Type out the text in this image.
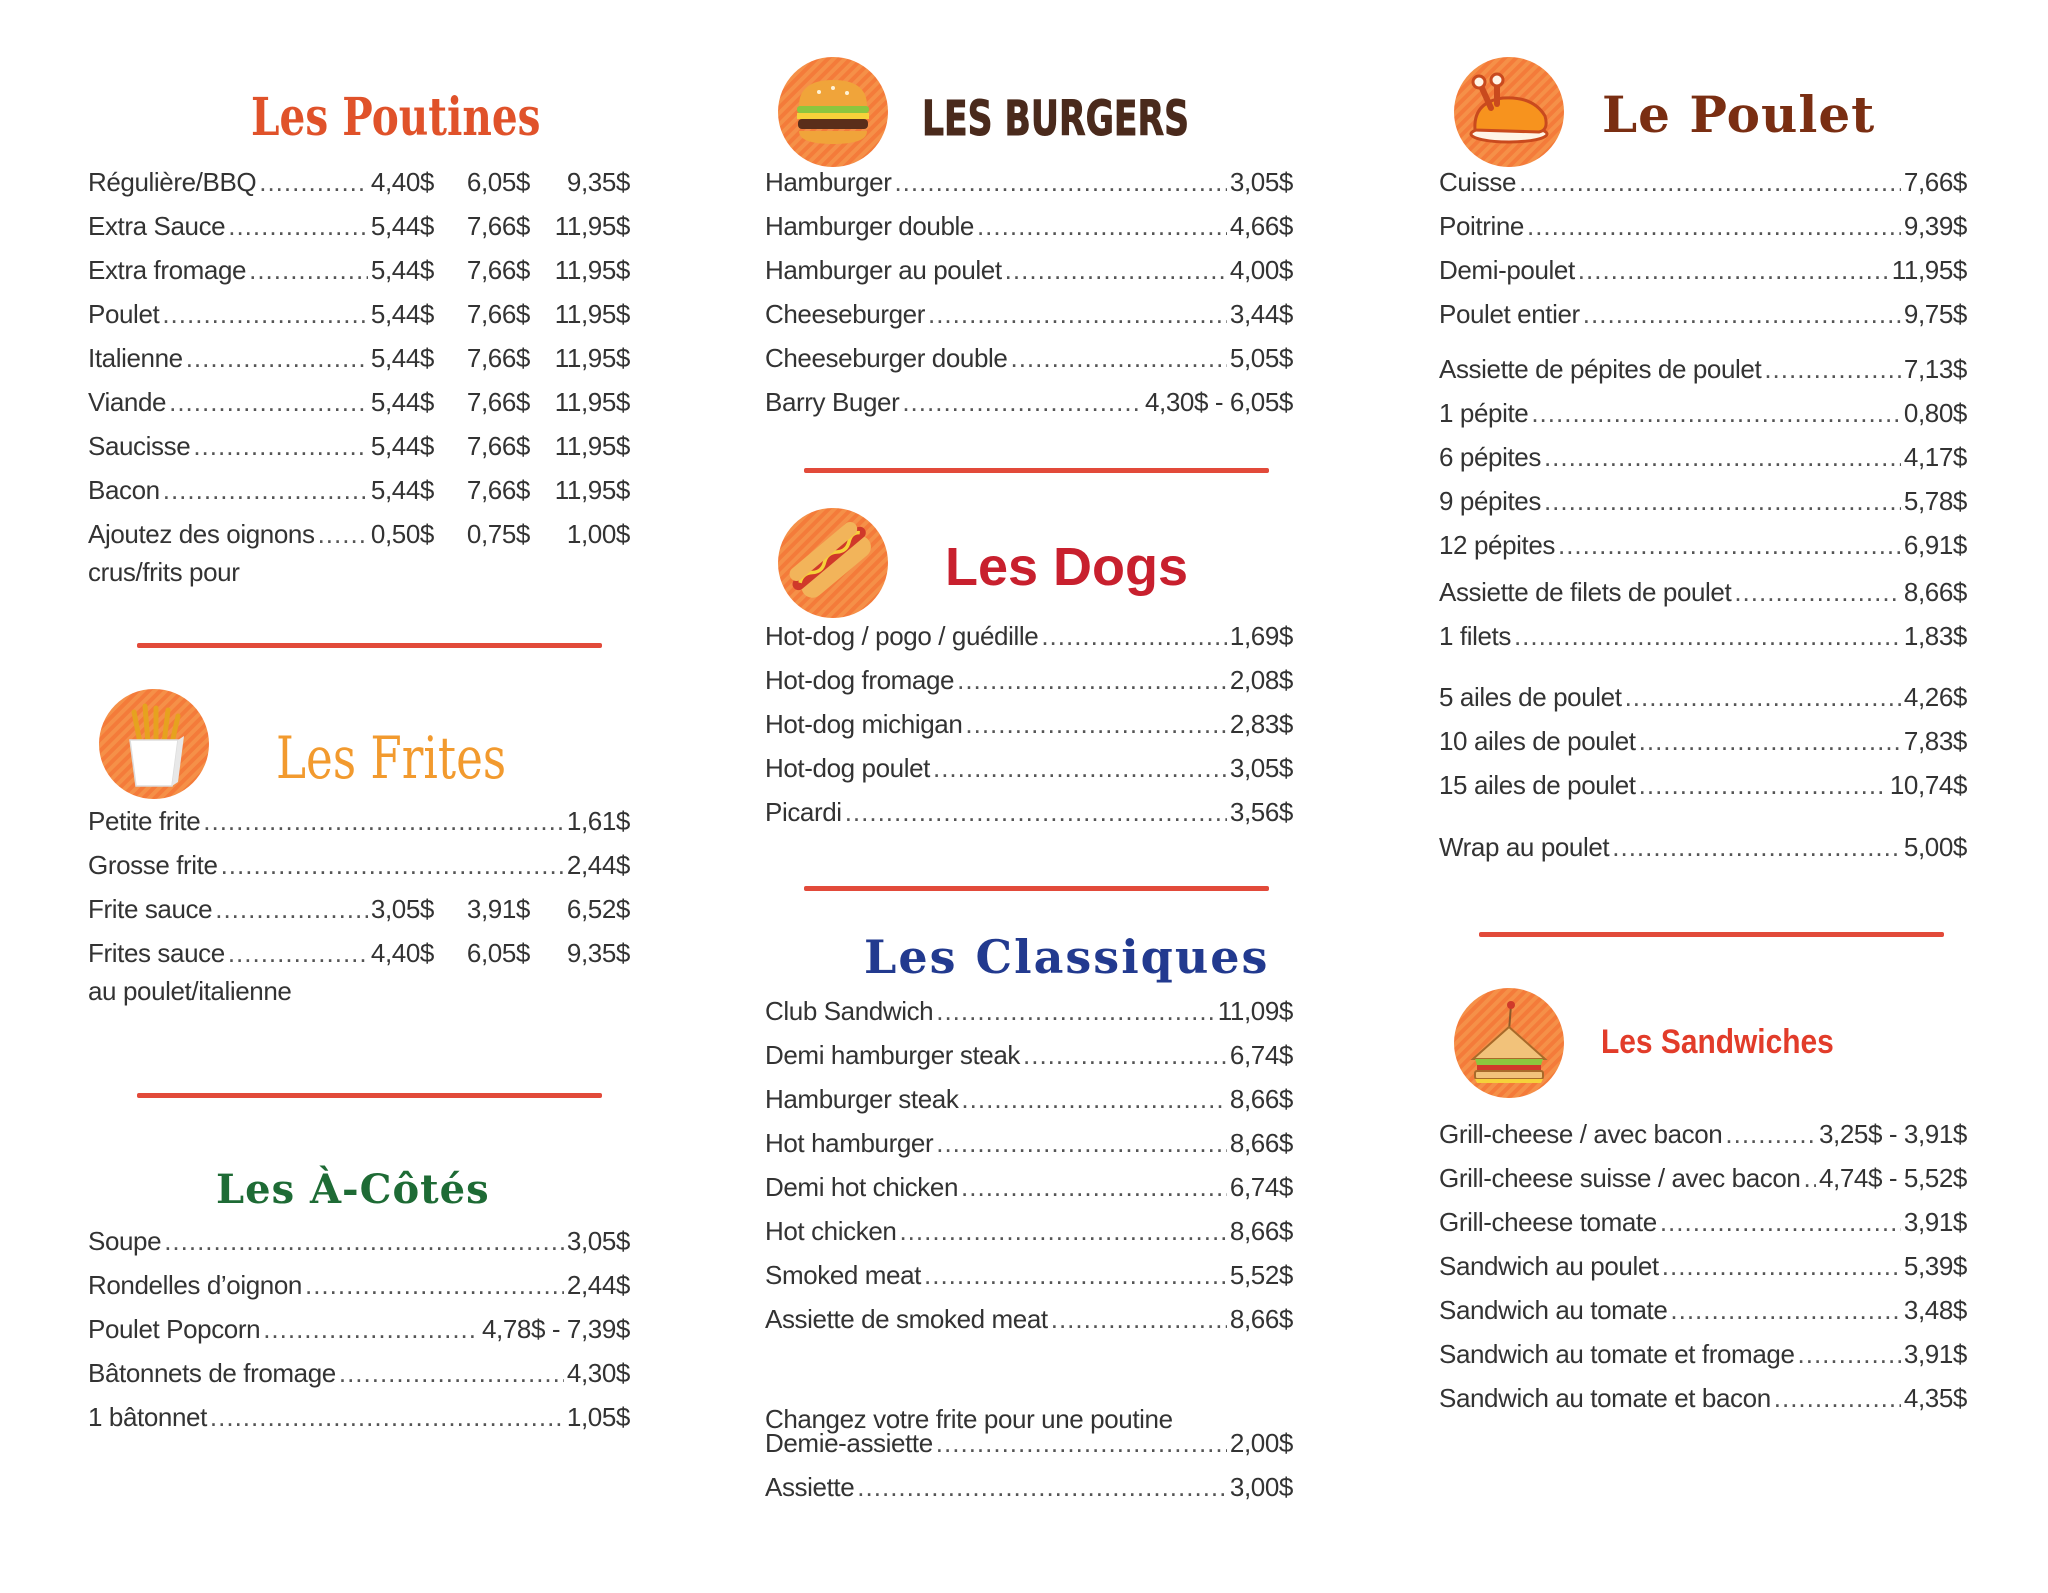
Les Poutines
Régulière/BBQ .....	4,40$	6,05$	9,35$
Extra Sauce .....	5,44$	7,66$ 11,95$
Extra fromage .....	5,44$	7,66$ 11,95$
Poulet .....	5,44$	7,66$ 11,95$
Italienne .....	5,44$	7,66$ 11,95$
Viande .....	5,44$	7,66$ 11,95$
Saucisse .....	5,44$	7,66$ 11,95$
Bacon .....	5,44$	7,66$ 11,95$
Ajoutez des oignons ..... 0,50$	0,75$	1,00$
crus/frits pour
Les Frites
Petite frite .....	1,61$
Grosse frite .....	2,44$
Frite sauce .....	3,05$	3,91$	6,52$
Frites sauce .....	4,40$	6,05$	9,35$
au poulet/italienne
Les À-Côtés
Soupe .....	3,05$
Rondelles d’oignon .....	2,44$
Poulet Popcorn .....	4,78$ - 7,39$
Bâtonnets de fromage .....	4,30$
1 bâtonnet .....	1,05$
LES BURGERS
Hamburger .....	3,05$
Hamburger double .....	4,66$
Hamburger au poulet .....	4,00$
Cheeseburger .....	3,44$
Cheeseburger double .....	5,05$
Barry Buger .....	4,30$ - 6,05$
Les Dogs
Hot-dog / pogo / guédille .....	1,69$
Hot-dog fromage .....	2,08$
Hot-dog michigan .....	2,83$
Hot-dog poulet .....	3,05$
Picardi .....	3,56$
Les Classiques
Club Sandwich .....	11,09$
Demi hamburger steak .....	6,74$
Hamburger steak .....	8,66$
Hot hamburger .....	8,66$
Demi hot chicken .....	6,74$
Hot chicken .....	8,66$
Smoked meat .....	5,52$
Assiette de smoked meat .....	8,66$
Changez votre frite pour une poutine
Demie-assiette .....	2,00$
Assiette .....	3,00$
Le Poulet
Cuisse .....	7,66$
Poitrine .....	9,39$
Demi-poulet .....	11,95$
Poulet entier .....	9,75$
Assiette de pépites de poulet .....	7,13$
1 pépite .....	0,80$
6 pépites .....	4,17$
9 pépites .....	5,78$
12 pépites .....	6,91$
Assiette de filets de poulet .....	8,66$
1 filets .....	1,83$
5 ailes de poulet .....	4,26$
10 ailes de poulet .....	7,83$
15 ailes de poulet .....	10,74$
Wrap au poulet .....	5,00$
Les Sandwiches
Grill-cheese / avec bacon .....	3,25$ - 3,91$
Grill-cheese suisse / avec bacon ..... 4,74$ - 5,52$
Grill-cheese tomate .....	3,91$
Sandwich au poulet .....	5,39$
Sandwich au tomate .....	3,48$
Sandwich au tomate et fromage .....	3,91$
Sandwich au tomate et bacon .....	4,35$
